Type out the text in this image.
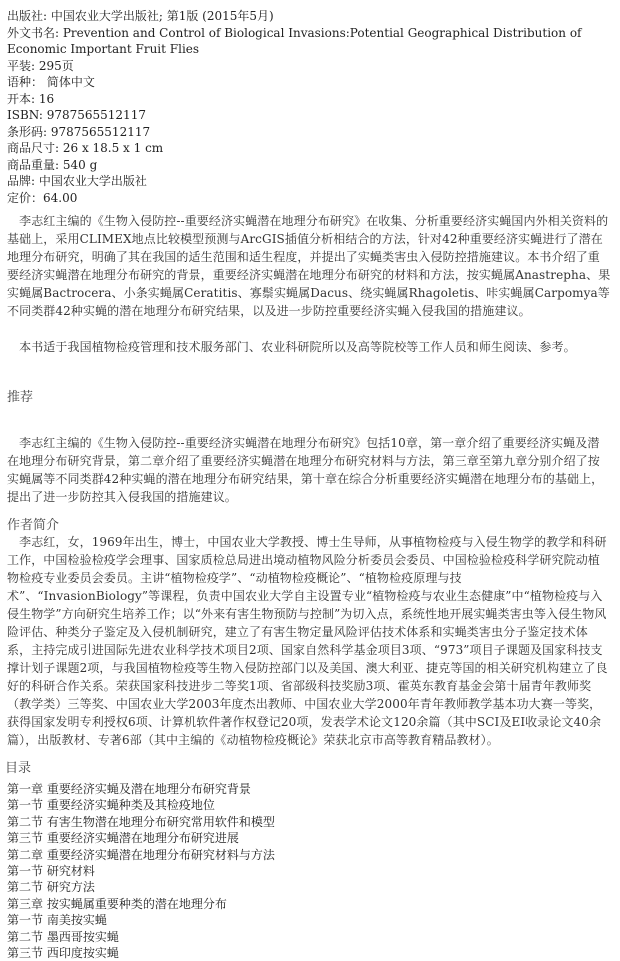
出版社: 中国农业大学出版社; 第1版 (2015年5月)
外文书名: Prevention and Control of Biological Invasions:Potential Geographical Distribution of Economic Important Fruit Flies
平装: 295页
语种： 简体中文
开本: 16
ISBN: 9787565512117
条形码: 9787565512117
商品尺寸: 26 x 18.5 x 1 cm
商品重量: 540 g
品牌: 中国农业大学出版社
定价：64.00
　李志红主编的《生物入侵防控--重要经济实蝇潜在地理分布研究》在收集、分析重要经济实蝇国内外相关资料的基础上，采用CLIMEX地点比较模型预测与ArcGIS插值分析相结合的方法，针对42种重要经济实蝇进行了潜在地理分布研究，明确了其在我国的适生范围和适生程度，并提出了实蝇类害虫入侵防控措施建议。本书介绍了重要经济实蝇潜在地理分布研究的背景，重要经济实蝇潜在地理分布研究的材料和方法，按实蝇属Anastrepha、果实蝇属Bactrocera、小条实蝇属Ceratitis、寡鬃实蝇属Dacus、绕实蝇属Rhagoletis、咔实蝇属Carpomya等不同类群42种实蝇的潜在地理分布研究结果，以及进一步防控重要经济实蝇入侵我国的措施建议。
　本书适于我国植物检疫管理和技术服务部门、农业科研院所以及高等院校等工作人员和师生阅读、参考。
推荐
　李志红主编的《生物入侵防控--重要经济实蝇潜在地理分布研究》包括10章，第一章介绍了重要经济实蝇及潜在地理分布研究背景，第二章介绍了重要经济实蝇潜在地理分布研究材料与方法，第三章至第九章分别介绍了按实蝇属等不同类群42种实蝇的潜在地理分布研究结果，第十章在综合分析重要经济实蝇潜在地理分布的基础上，提出了进一步防控其入侵我国的措施建议。
作者简介
　李志红，女，1969年出生，博士，中国农业大学教授、博士生导师，从事植物检疫与入侵生物学的教学和科研工作，中国检验检疫学会理事、国家质检总局进出境动植物风险分析委员会委员、中国检验检疫科学研究院动植物检疫专业委员会委员。主讲“植物检疫学”、“动植物检疫概论”、“植物检疫原理与技术”、“InvasionBiology”等课程，负责中国农业大学自主设置专业“植物检疫与农业生态健康”中“植物检疫与入侵生物学”方向研究生培养工作；以“外来有害生物预防与控制”为切入点，系统性地开展实蝇类害虫等入侵生物风险评估、种类分子鉴定及入侵机制研究，建立了有害生物定量风险评估技术体系和实蝇类害虫分子鉴定技术体系，主持完成引进国际先进农业科学技术项目2项、国家自然科学基金项目3项、“973”项目子课题及国家科技支撑计划子课题2项，与我国植物检疫等生物入侵防控部门以及美国、澳大利亚、捷克等国的相关研究机构建立了良好的科研合作关系。荣获国家科技进步二等奖1项、省部级科技奖励3项、霍英东教育基金会第十届青年教师奖（教学类）三等奖、中国农业大学2003年度杰出教师、中国农业大学2000年青年教师教学基本功大赛一等奖，获得国家发明专利授权6项、计算机软件著作权登记20项，发表学术论文120余篇（其中SCI及EI收录论文40余篇），出版教材、专著6部（其中主编的《动植物检疫概论》荣获北京市高等教育精品教材）。
目录
第一章 重要经济实蝇及潜在地理分布研究背景
第一节 重要经济实蝇种类及其检疫地位
第二节 有害生物潜在地理分布研究常用软件和模型
第三节 重要经济实蝇潜在地理分布研究进展
第二章 重要经济实蝇潜在地理分布研究材料与方法
第一节 研究材料
第二节 研究方法
第三章 按实蝇属重要种类的潜在地理分布
第一节 南美按实蝇
第二节 墨西哥按实蝇
第三节 西印度按实蝇
